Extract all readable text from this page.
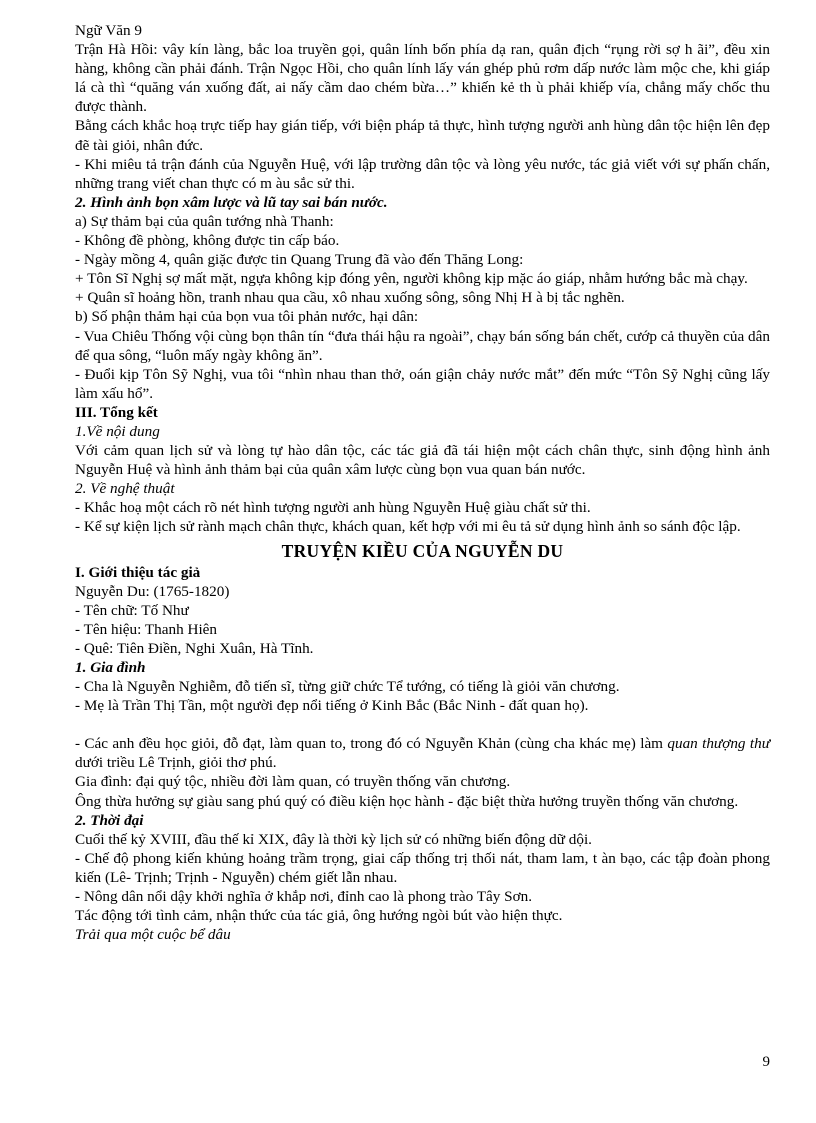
Ngữ Văn 9

Trận Hà Hồi: vây kín làng, bắc loa truyền gọi, quân lính bốn phía dạ ran, quân địch “rụng rời sợ h ãi”, đều xin hàng, không cần phải đánh. Trận Ngọc Hồi, cho quân lính lấy ván ghép phủ rơm dấp nước làm mộc che, khi giáp lá cà thì “quăng ván xuống đất, ai nấy cầm dao chém bừa…” khiến kẻ th ù phải khiếp vía, chẳng mấy chốc thu được thành.

Bằng cách khắc hoạ trực tiếp hay gián tiếp, với biện pháp tả thực, hình tượng người anh hùng dân tộc hiện lên đẹp đẽ tài giỏi, nhân đức.

- Khi miêu tả trận đánh của Nguyễn Huệ, với lập trường dân tộc và lòng yêu nước, tác giả viết với sự phấn chấn, những trang viết chan thực có m àu sắc sử thi.

2. Hình ảnh bọn xâm lược và lũ tay sai bán nước.

a) Sự thảm bại của quân tướng nhà Thanh:

- Không đề phòng, không được tin cấp báo.

- Ngày mồng 4, quân giặc được tin Quang Trung đã vào đến Thăng Long:

+ Tôn Sĩ Nghị sợ mất mặt, ngựa không kịp đóng yên, người không kịp mặc áo giáp, nhằm hướng bắc mà chạy.

+ Quân sĩ hoảng hồn, tranh nhau qua cầu, xô nhau xuống sông, sông Nhị H à bị tắc nghẽn.

b) Số phận thảm hại của bọn vua tôi phản nước, hại dân:

- Vua Chiêu Thống vội cùng bọn thân tín “đưa thái hậu ra ngoài”, chạy bán sống bán chết, cướp cả thuyền của dân để qua sông, “luôn mấy ngày không ăn”.

- Đuổi kịp Tôn Sỹ Nghị, vua tôi “nhìn nhau than thở, oán giận chảy nước mắt” đến mức “Tôn Sỹ Nghị cũng lấy làm xấu hổ”.

III. Tổng kết

1.Về nội dung

Với cảm quan lịch sử và lòng tự hào dân tộc, các tác giả đã tái hiện một cách chân thực, sinh động hình ảnh Nguyễn Huệ và hình ảnh thảm bại của quân xâm lược cùng bọn vua quan bán nước.

2. Về nghệ thuật

- Khắc hoạ một cách rõ nét hình tượng người anh hùng Nguyễn Huệ giàu chất sử thi.

- Kể sự kiện lịch sử rành mạch chân thực, khách quan, kết hợp với mi êu tả sử dụng hình ảnh so sánh độc lập.

TRUYỆN KIỀU CỦA NGUYỄN DU

I. Giới thiệu tác giả

Nguyễn Du: (1765-1820)

- Tên chữ: Tố Như

- Tên hiệu: Thanh Hiên

- Quê: Tiên Điền, Nghi Xuân, Hà Tĩnh.

1. Gia đình

- Cha là Nguyễn Nghiễm, đỗ tiến sĩ, từng giữ chức Tể tướng, có tiếng là giỏi văn chương.

- Mẹ là Trần Thị Tần, một người đẹp nổi tiếng ở Kinh Bắc (Bắc Ninh - đất quan họ).

- Các anh đều học giỏi, đỗ đạt, làm quan to, trong đó có Nguyễn Khản (cùng cha khác mẹ) làm quan thượng thư dưới triều Lê Trịnh, giỏi thơ phú.

Gia đình: đại quý tộc, nhiều đời làm quan, có truyền thống văn chương.

Ông thừa hưởng sự giàu sang phú quý có điều kiện học hành - đặc biệt thừa hưởng truyền thống văn chương.

2. Thời đại

Cuối thế kỷ XVIII, đầu thế kỉ XIX, đây là thời kỳ lịch sử có những biến động dữ dội.

- Chế độ phong kiến khủng hoảng trầm trọng, giai cấp thống trị thối nát, tham lam, t àn bạo, các tập đoàn phong kiến (Lê- Trịnh; Trịnh - Nguyễn) chém giết lẫn nhau.

- Nông dân nổi dậy khởi nghĩa ở khắp nơi, đỉnh cao là phong trào Tây Sơn.

Tác động tới tình cảm, nhận thức của tác giả, ông hướng ngòi bút vào hiện thực.

Trải qua một cuộc bể dâu

9
